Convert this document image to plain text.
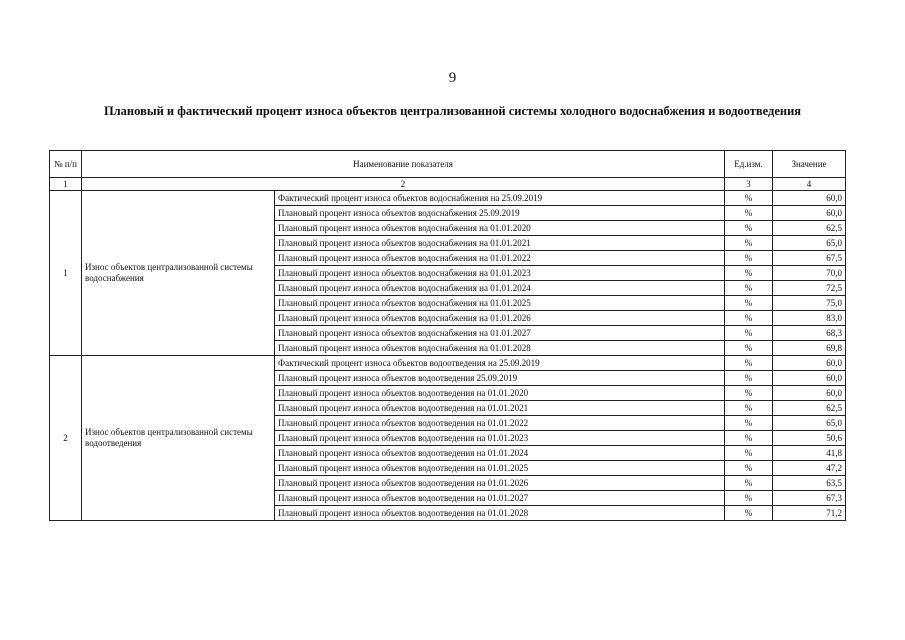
9
Плановый и фактический процент износа объектов централизованной системы холодного водоснабжения и водоотведения
№ п/п	Наименование показателя		Ед.изм.	Значение
1	2		3	4
1	Износ объектов централизованной системы водоснабжения	Фактический процент износа объектов водоснабжения на 25.09.2019	%	60,0
		Плановый процент износа объектов водоснабжения 25.09.2019	%	60,0
		Плановый процент износа объектов водоснабжения на 01.01.2020	%	62,5
		Плановый процент износа объектов водоснабжения на 01.01.2021	%	65,0
		Плановый процент износа объектов водоснабжения на 01.01.2022	%	67,5
		Плановый процент износа объектов водоснабжения на 01.01.2023	%	70,0
		Плановый процент износа объектов водоснабжения на 01.01.2024	%	72,5
		Плановый процент износа объектов водоснабжения на 01.01.2025	%	75,0
		Плановый процент износа объектов водоснабжения на 01.01.2026	%	83,0
		Плановый процент износа объектов водоснабжения на 01.01.2027	%	68,3
		Плановый процент износа объектов водоснабжения на 01.01.2028	%	69,8
2	Износ объектов централизованной системы водоотведения	Фактический процент износа объектов водоотведения на 25.09.2019	%	60,0
		Плановый процент износа объектов водоотведения 25.09.2019	%	60,0
		Плановый процент износа объектов водоотведения на 01.01.2020	%	60,0
		Плановый процент износа объектов водоотведения на 01.01.2021	%	62,5
		Плановый процент износа объектов водоотведения на 01.01.2022	%	65,0
		Плановый процент износа объектов водоотведения на 01.01.2023	%	50,6
		Плановый процент износа объектов водоотведения на 01.01.2024	%	41,8
		Плановый процент износа объектов водоотведения на 01.01.2025	%	47,2
		Плановый процент износа объектов водоотведения на 01.01.2026	%	63,5
		Плановый процент износа объектов водоотведения на 01.01.2027	%	67,3
		Плановый процент износа объектов водоотведения на 01.01.2028	%	71,2
